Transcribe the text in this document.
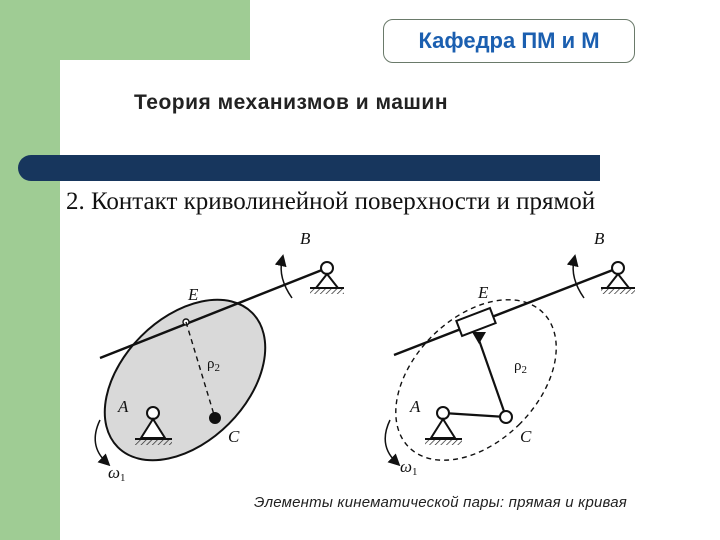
Кафедра ПМ и М
Теория механизмов и машин
2. Контакт криволинейной поверхности и прямой
B
E
A
C
$\rho_2$
ω1
B
E
A
C
$\rho_2$
ω1
Элементы кинематической пары: прямая и кривая
